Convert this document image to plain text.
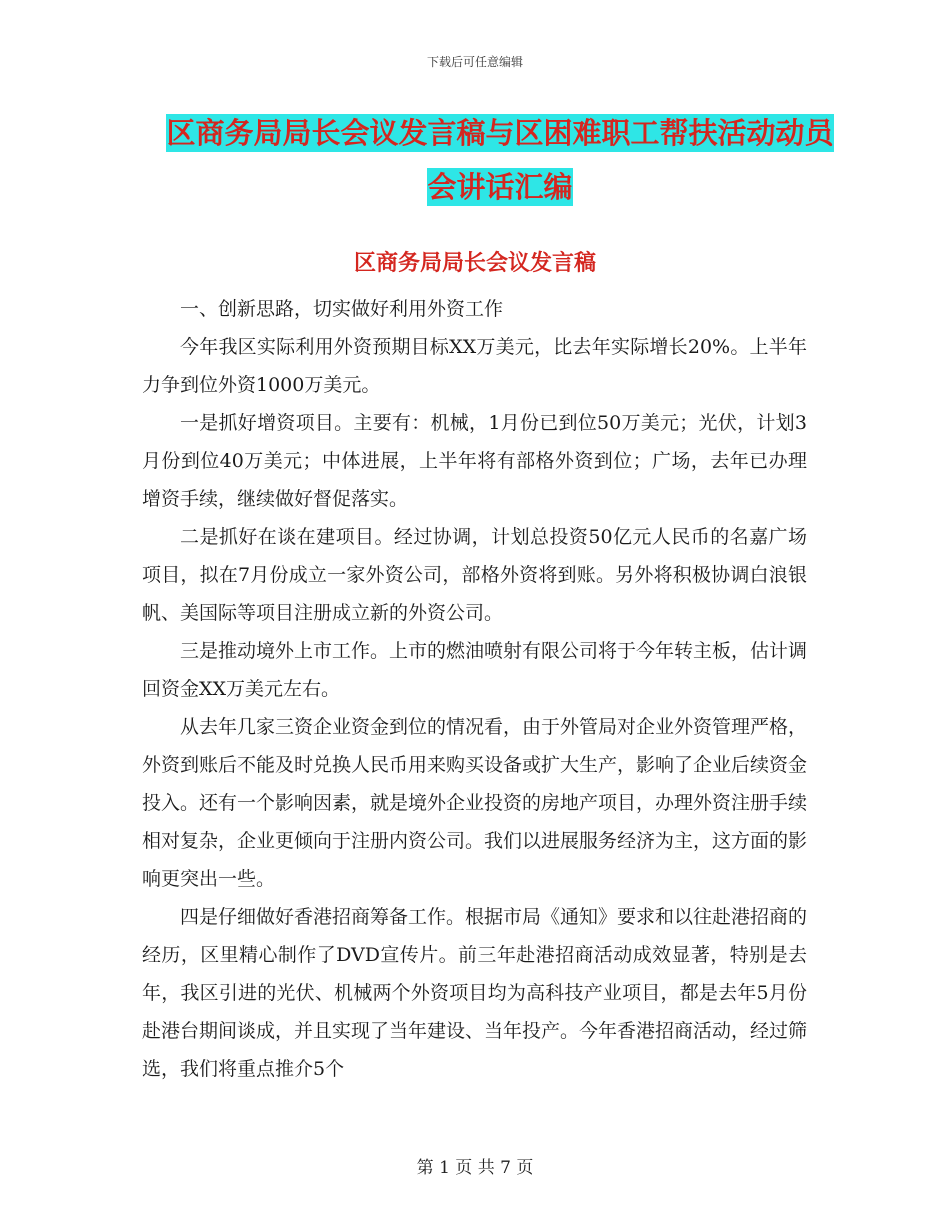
下载后可任意编辑
区商务局局长会议发言稿与区困难职工帮扶活动动员
会讲话汇编
区商务局局长会议发言稿

一、创新思路，切实做好利用外资工作

今年我区实际利用外资预期目标XX万美元，比去年实际增长20%。上半年力争到位外资1000万美元。

一是抓好增资项目。主要有：机械，1月份已到位50万美元；光伏，计划3月份到位40万美元；中体进展，上半年将有部格外资到位；广场，去年已办理增资手续，继续做好督促落实。

二是抓好在谈在建项目。经过协调，计划总投资50亿元人民币的名嘉广场项目，拟在7月份成立一家外资公司，部格外资将到账。另外将积极协调白浪银帆、美国际等项目注册成立新的外资公司。

三是推动境外上市工作。上市的燃油喷射有限公司将于今年转主板，估计调回资金XX万美元左右。

从去年几家三资企业资金到位的情况看，由于外管局对企业外资管理严格，外资到账后不能及时兑换人民币用来购买设备或扩大生产，影响了企业后续资金投入。还有一个影响因素，就是境外企业投资的房地产项目，办理外资注册手续相对复杂，企业更倾向于注册内资公司。我们以进展服务经济为主，这方面的影响更突出一些。

四是仔细做好香港招商筹备工作。根据市局《通知》要求和以往赴港招商的经历，区里精心制作了DVD宣传片。前三年赴港招商活动成效显著，特别是去年，我区引进的光伏、机械两个外资项目均为高科技产业项目，都是去年5月份赴港台期间谈成，并且实现了当年建设、当年投产。今年香港招商活动，经过筛选，我们将重点推介5个

第 1 页 共 7 页
